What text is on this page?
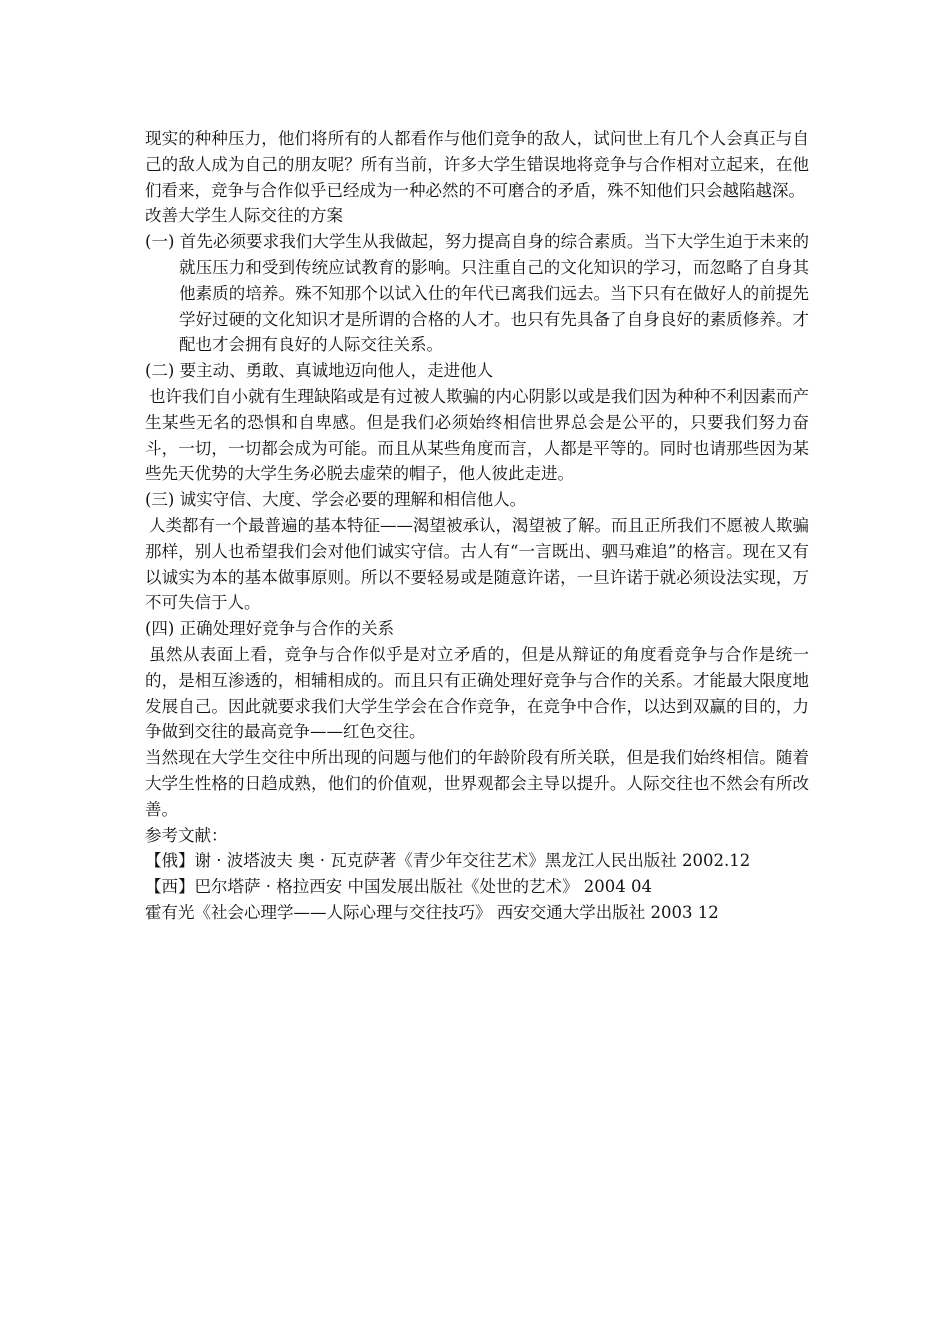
现实的种种压力，他们将所有的人都看作与他们竞争的敌人，试问世上有几个人会真正与自己的敌人成为自己的朋友呢？所有当前，许多大学生错误地将竞争与合作相对立起来，在他们看来，竞争与合作似乎已经成为一种必然的不可磨合的矛盾，殊不知他们只会越陷越深。

改善大学生人际交往的方案

(一) 首先必须要求我们大学生从我做起，努力提高自身的综合素质。当下大学生迫于未来的就压压力和受到传统应试教育的影响。只注重自己的文化知识的学习，而忽略了自身其他素质的培养。殊不知那个以试入仕的年代已离我们远去。当下只有在做好人的前提先学好过硬的文化知识才是所谓的合格的人才。也只有先具备了自身良好的素质修养。才配也才会拥有良好的人际交往关系。

(二) 要主动、勇敢、真诚地迈向他人，走进他人

也许我们自小就有生理缺陷或是有过被人欺骗的内心阴影以或是我们因为种种不利因素而产生某些无名的恐惧和自卑感。但是我们必须始终相信世界总会是公平的，只要我们努力奋斗，一切，一切都会成为可能。而且从某些角度而言，人都是平等的。同时也请那些因为某些先天优势的大学生务必脱去虚荣的帽子，他人彼此走进。

(三) 诚实守信、大度、学会必要的理解和相信他人。

人类都有一个最普遍的基本特征——渴望被承认，渴望被了解。而且正所我们不愿被人欺骗那样，别人也希望我们会对他们诚实守信。古人有“一言既出、驷马难追”的格言。现在又有以诚实为本的基本做事原则。所以不要轻易或是随意许诺，一旦许诺于就必须设法实现，万不可失信于人。

(四) 正确处理好竞争与合作的关系

虽然从表面上看，竞争与合作似乎是对立矛盾的，但是从辩证的角度看竞争与合作是统一的，是相互渗透的，相辅相成的。而且只有正确处理好竞争与合作的关系。才能最大限度地发展自己。因此就要求我们大学生学会在合作竞争，在竞争中合作，以达到双赢的目的，力争做到交往的最高竞争——红色交往。

当然现在大学生交往中所出现的问题与他们的年龄阶段有所关联，但是我们始终相信。随着大学生性格的日趋成熟，他们的价值观，世界观都会主导以提升。人际交往也不然会有所改善。

参考文献：

【俄】谢 · 波塔波夫 奥 · 瓦克萨著《青少年交往艺术》黑龙江人民出版社 2002.12

【西】巴尔塔萨 · 格拉西安 中国发展出版社《处世的艺术》 2004 04

霍有光《社会心理学——人际心理与交往技巧》 西安交通大学出版社 2003 12
